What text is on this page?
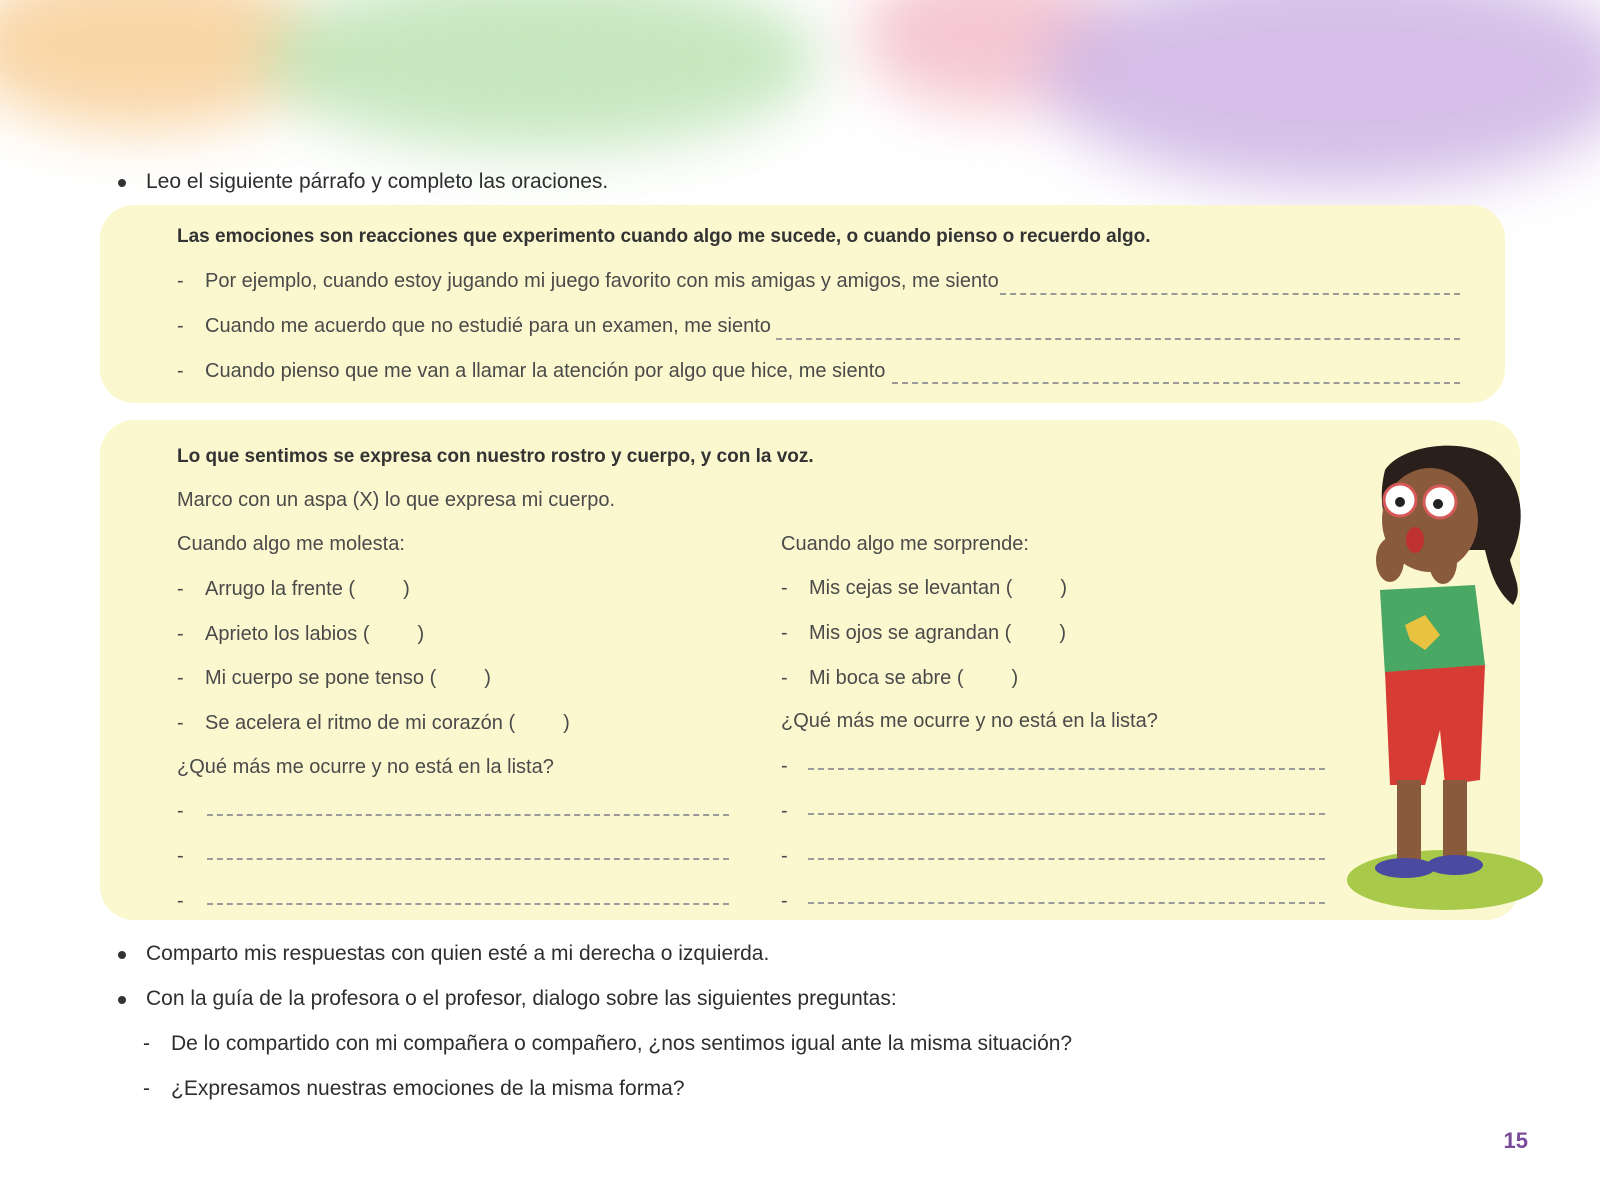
Leo el siguiente párrafo y completo las oraciones.
Las emociones son reacciones que experimento cuando algo me sucede, o cuando pienso o recuerdo algo.
- Por ejemplo, cuando estoy jugando mi juego favorito con mis amigas y amigos, me siento
- Cuando me acuerdo que no estudié para un examen, me siento
- Cuando pienso que me van a llamar la atención por algo que hice, me siento
Lo que sentimos se expresa con nuestro rostro y cuerpo, y con la voz.
Marco con un aspa (X) lo que expresa mi cuerpo.
Cuando algo me molesta:
- Arrugo la frente ( )
- Aprieto los labios ( )
- Mi cuerpo se pone tenso ( )
- Se acelera el ritmo de mi corazón ( )
¿Qué más me ocurre y no está en la lista?
-
-
-
Cuando algo me sorprende:
- Mis cejas se levantan ( )
- Mis ojos se agrandan ( )
- Mi boca se abre ( )
¿Qué más me ocurre y no está en la lista?
-
-
-
-
Comparto mis respuestas con quien esté a mi derecha o izquierda.
Con la guía de la profesora o el profesor, dialogo sobre las siguientes preguntas:
- De lo compartido con mi compañera o compañero, ¿nos sentimos igual ante la misma situación?
- ¿Expresamos nuestras emociones de la misma forma?
15
